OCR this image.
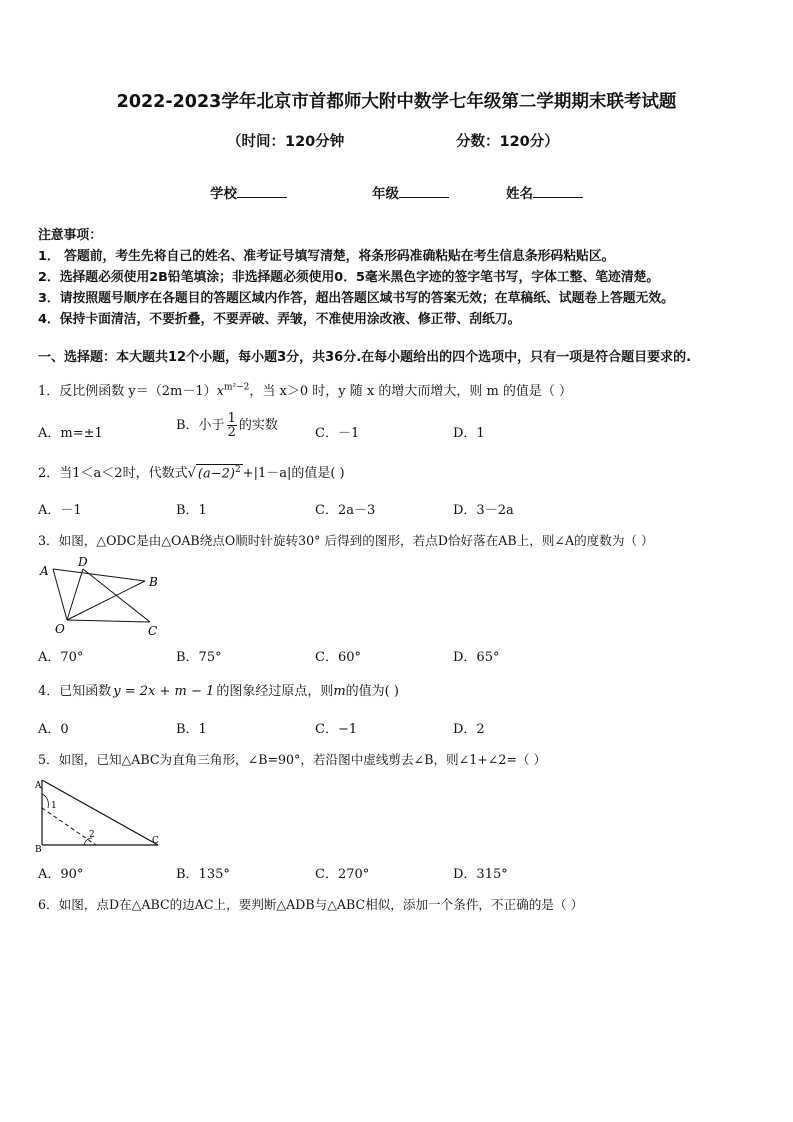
2022-2023学年北京市首都师大附中数学七年级第二学期期末联考试题
（时间：120分钟	分数：120分）
学校	年级	姓名
注意事项：
1． 答题前，考生先将自己的姓名、准考证号填写清楚，将条形码准确粘贴在考生信息条形码粘贴区。
2．选择题必须使用2B铅笔填涂；非选择题必须使用0．5毫米黑色字迹的签字笔书写，字体工整、笔迹清楚。
3．请按照题号顺序在各题目的答题区域内作答，超出答题区域书写的答案无效；在草稿纸、试题卷上答题无效。
4．保持卡面清洁，不要折叠，不要弄破、弄皱，不准使用涂改液、修正带、刮纸刀。
一、选择题：本大题共12个小题，每小题3分，共36分.在每小题给出的四个选项中，只有一项是符合题目要求的.
1．反比例函数 $y=(2m-1)x^{m^2-2}$，当 x＞0 时，y 随 x 的增大而增大，则 m 的值是（ ）
A．m=±1
B．小于 $\frac{1}{2}$ 的实数
C．－1	D．1
2．当1＜a＜2时，代数式√ $(a-2)^2 +|1-a|$的值是( )
A．－1	B．1	C．2a－3	D．3－2a
3．如图，△ODC是由△OAB绕点O顺时针旋转30° 后得到的图形，若点D恰好落在AB上，则∠A的度数为（ ）
A
D
B
O	C
A．70°	B．75°	C．60°	D．65°
4．已知函数 y = 2x + m − 1 的图象经过原点，则m的值为( )
A．0	B．1	C．−1	D．2
5．如图，已知△ABC为直角三角形，∠B=90°，若沿图中虚线剪去∠B，则∠1+∠2=（ ）
A
1
2
B
C
A．90°	B．135°	C．270°	D．315°
6．如图，点D在△ABC的边AC上，要判断△ADB与△ABC相似，添加一个条件，不正确的是（ ）
